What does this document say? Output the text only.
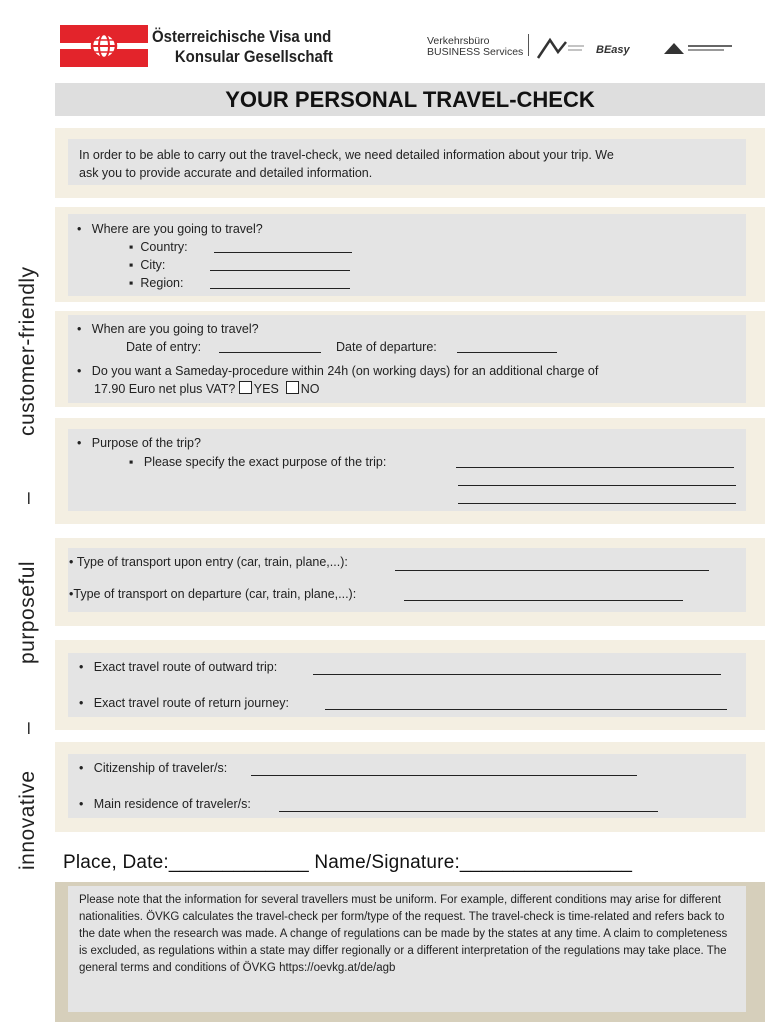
Österreichische Visa und
Konsular Gesellschaft
Verkehrsbüro
BUSINESS Services	BEasy
YOUR PERSONAL TRAVEL-CHECK
customer-friendly
–
purposeful
–
innovative
In order to be able to carry out the travel-check, we need detailed information about your trip. We
ask you to provide accurate and detailed information.
•   Where are you going to travel?
▪  Country:
▪  City:
▪  Region:
•   When are you going to travel?
Date of entry:	Date of departure:
•   Do you want a Sameday-procedure within 24h (on working days) for an additional charge of
17.90 Euro net plus VAT? YES NO
•   Purpose of the trip?
▪   Please specify the exact purpose of the trip:
• Type of transport upon entry (car, train, plane,...):
•Type of transport on departure (car, train, plane,...):
•   Exact travel route of outward trip:
•   Exact travel route of return journey:
•   Citizenship of traveler/s:
•   Main residence of traveler/s:
Place, Date:_____________ Name/Signature:________________
Please note that the information for several travellers must be uniform. For example, different conditions may arise for different nationalities. ÖVKG calculates the travel-check per form/type of the request. The travel-check is time-related and refers back to the date when the research was made. A change of regulations can be made by the states at any time. A claim to completeness is excluded, as regulations within a state may differ regionally or a different interpretation of the regulations may take place. The general terms and conditions of ÖVKG https://oevkg.at/de/agb
